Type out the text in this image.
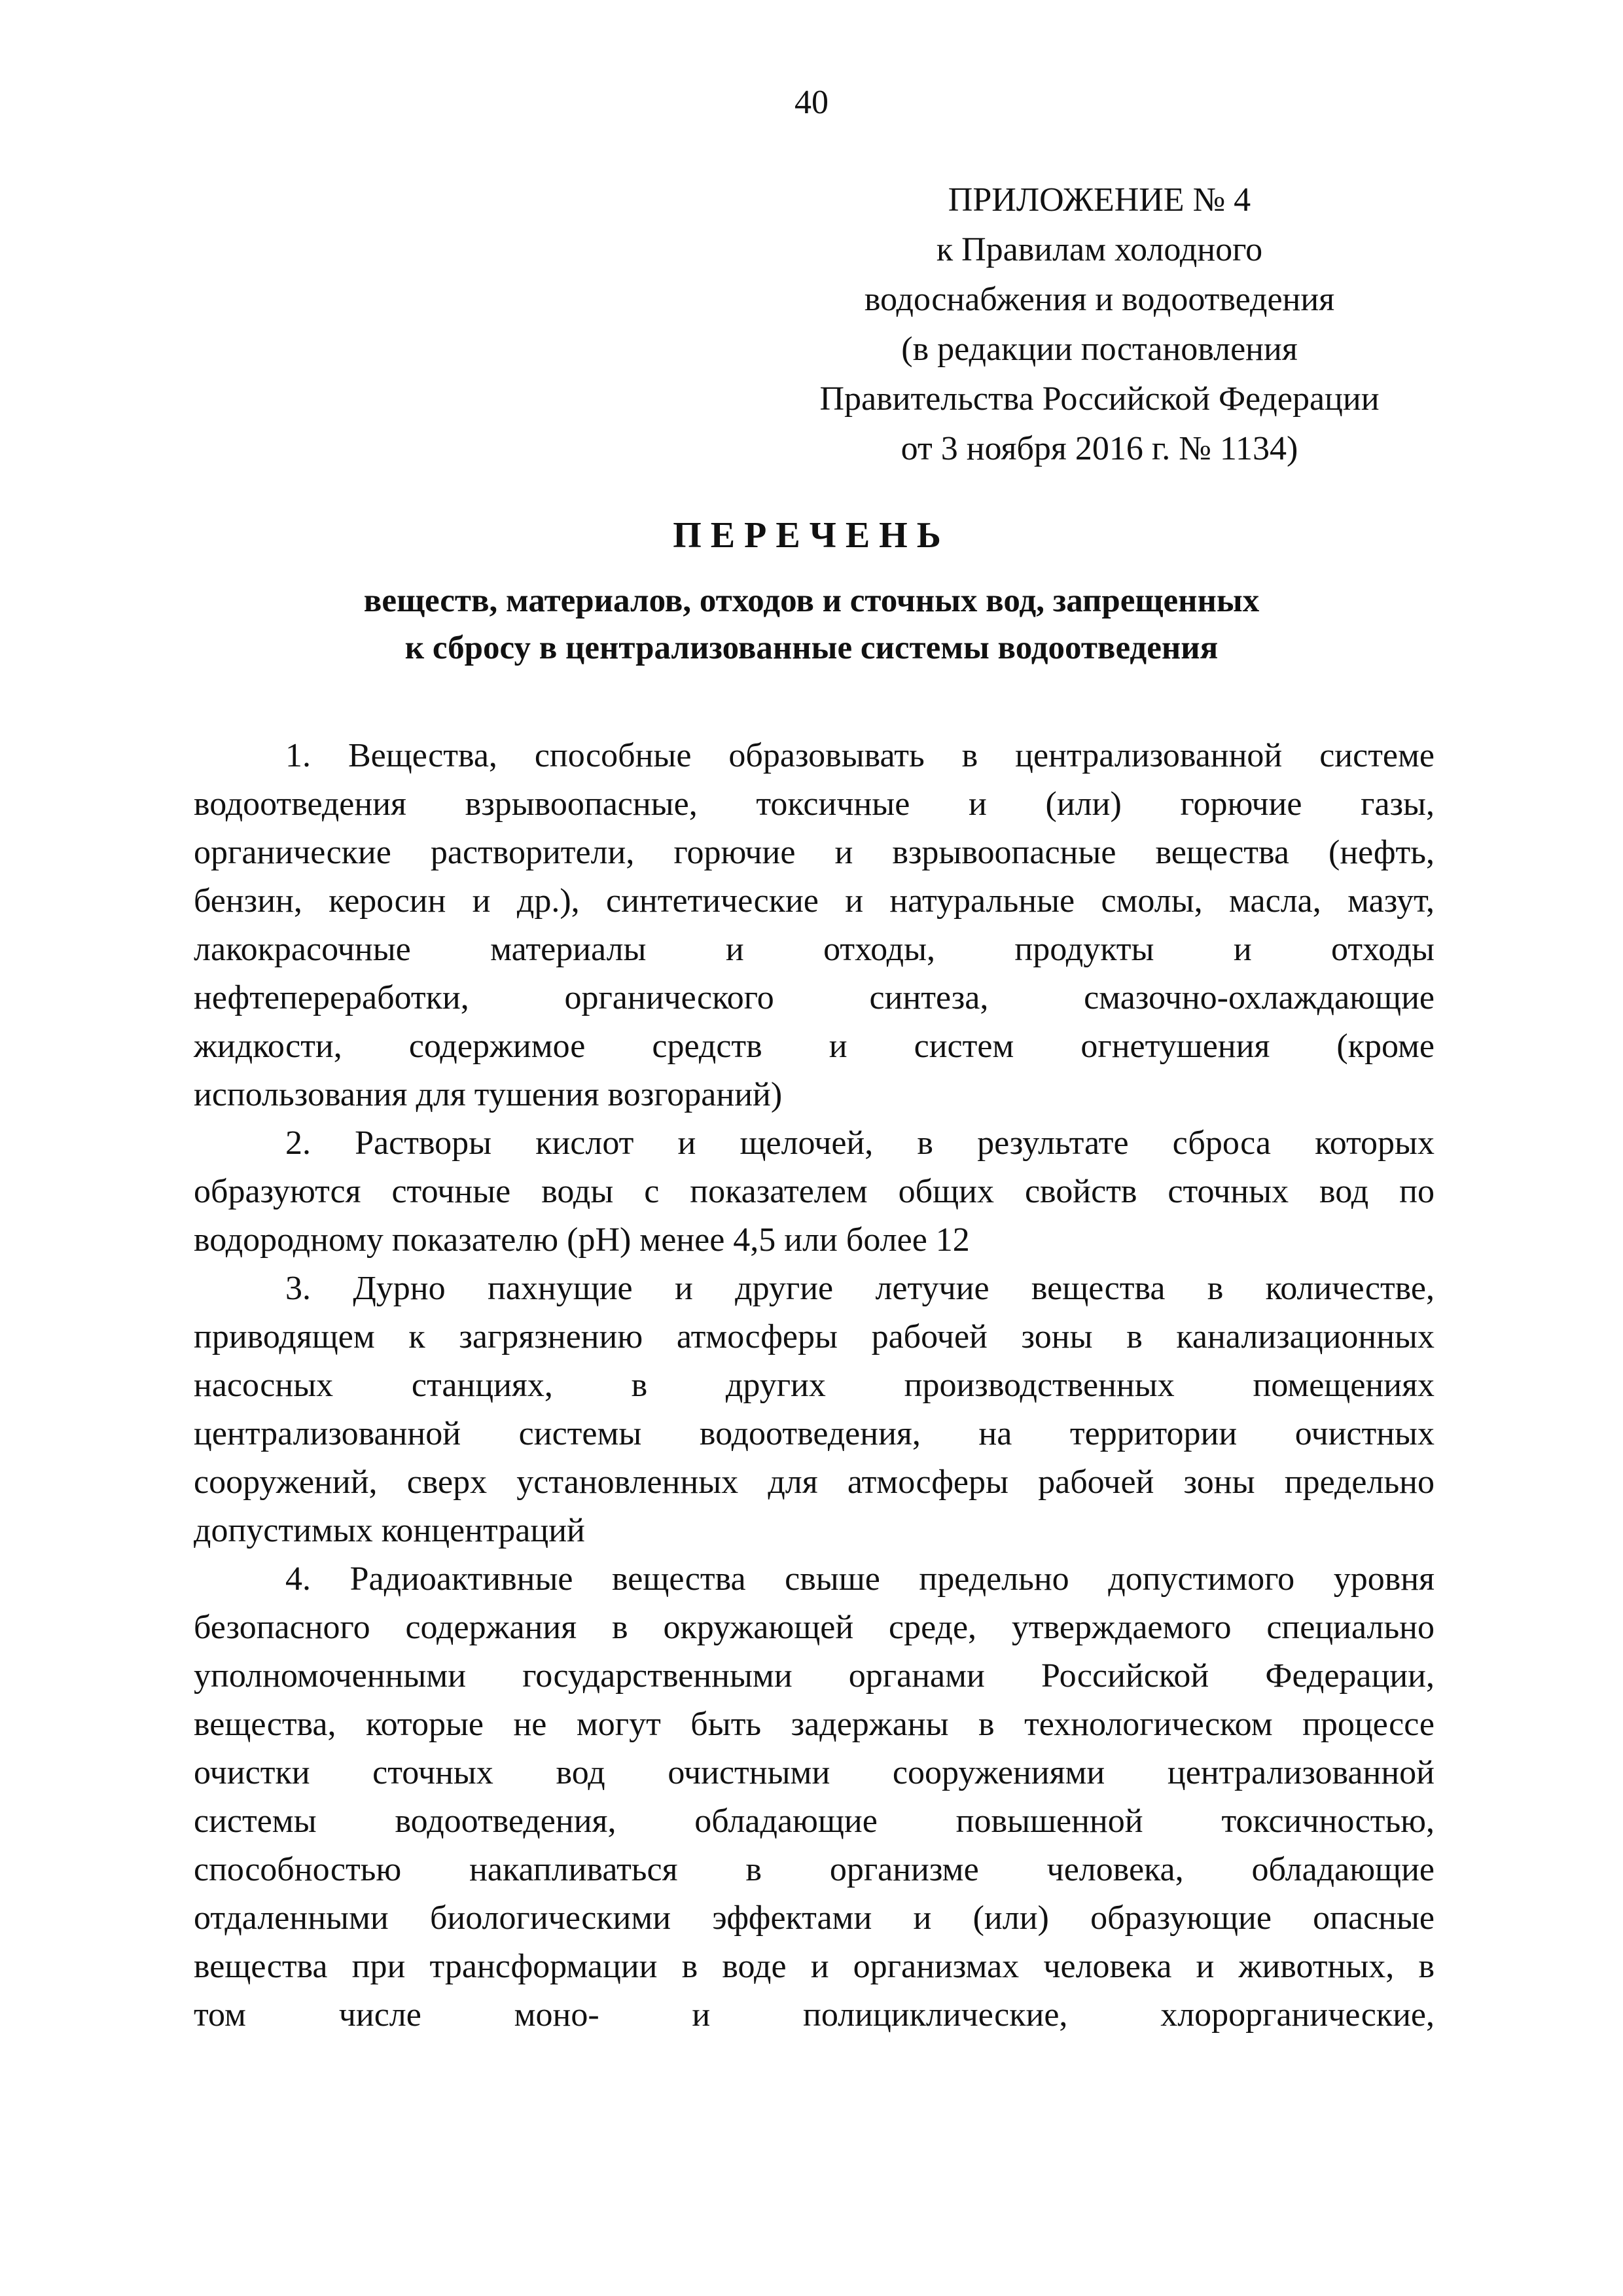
40
ПРИЛОЖЕНИЕ № 4
к Правилам холодного
водоснабжения и водоотведения
(в редакции постановления
Правительства Российской Федерации
от 3 ноября 2016 г. № 1134)
ПЕРЕЧЕНЬ
веществ, материалов, отходов и сточных вод, запрещенных
к сбросу в централизованные системы водоотведения
1. Вещества, способные образовывать в централизованной системе
водоотведения взрывоопасные, токсичные и (или) горючие газы,
органические растворители, горючие и взрывоопасные вещества (нефть,
бензин, керосин и др.), синтетические и натуральные смолы, масла, мазут,
лакокрасочные материалы и отходы, продукты и отходы
нефтепереработки, органического синтеза, смазочно-охлаждающие
жидкости, содержимое средств и систем огнетушения (кроме
использования для тушения возгораний)
2. Растворы кислот и щелочей, в результате сброса которых
образуются сточные воды с показателем общих свойств сточных вод по
водородному показателю (pH) менее 4,5 или более 12
3. Дурно пахнущие и другие летучие вещества в количестве,
приводящем к загрязнению атмосферы рабочей зоны в канализационных
насосных станциях, в других производственных помещениях
централизованной системы водоотведения, на территории очистных
сооружений, сверх установленных для атмосферы рабочей зоны предельно
допустимых концентраций
4. Радиоактивные вещества свыше предельно допустимого уровня
безопасного содержания в окружающей среде, утверждаемого специально
уполномоченными государственными органами Российской Федерации,
вещества, которые не могут быть задержаны в технологическом процессе
очистки сточных вод очистными сооружениями централизованной
системы водоотведения, обладающие повышенной токсичностью,
способностью накапливаться в организме человека, обладающие
отдаленными биологическими эффектами и (или) образующие опасные
вещества при трансформации в воде и организмах человека и животных, в
том числе моно- и полициклические, хлорорганические,
